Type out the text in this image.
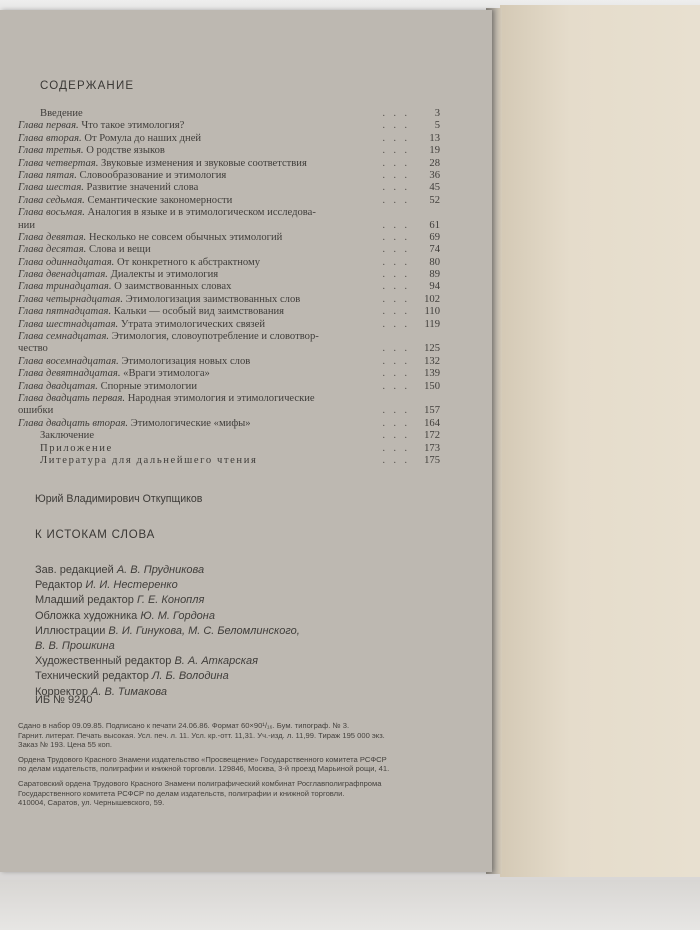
СОДЕРЖАНИЕ
Введение	. . .	3
Глава первая. Что такое этимология?	. . .	5
Глава вторая. От Ромула до наших дней	. . .	13
Глава третья. О родстве языков	. . .	19
Глава четвертая. Звуковые изменения и звуковые соответствия	. . .	28
Глава пятая. Словообразование и этимология	. . .	36
Глава шестая. Развитие значений слова	. . .	45
Глава седьмая. Семантические закономерности	. . .	52
Глава восьмая. Аналогия в языке и в этимологическом исследова-
нии	. . .	61
Глава девятая. Несколько не совсем обычных этимологий	. . .	69
Глава десятая. Слова и вещи	. . .	74
Глава одиннадцатая. От конкретного к абстрактному	. . .	80
Глава двенадцатая. Диалекты и этимология	. . .	89
Глава тринадцатая. О заимствованных словах	. . .	94
Глава четырнадцатая. Этимологизация заимствованных слов	. . .	102
Глава пятнадцатая. Кальки — особый вид заимствования	. . .	110
Глава шестнадцатая. Утрата этимологических связей	. . .	119
Глава семнадцатая. Этимология, словоупотребление и словотвор-
чество	. . .	125
Глава восемнадцатая. Этимологизация новых слов	. . .	132
Глава девятнадцатая. «Враги этимолога»	. . .	139
Глава двадцатая. Спорные этимологии	. . .	150
Глава двадцать первая. Народная этимология и этимологические
ошибки	. . .	157
Глава двадцать вторая. Этимологические «мифы»	. . .	164
Заключение	. . .	172
Приложение	. . .	173
Литература для дальнейшего чтения	. . .	175
Юрий Владимирович Откупщиков
К ИСТОКАМ СЛОВА
Зав. редакцией А. В. Прудникова
Редактор И. И. Нестеренко
Младший редактор Г. Е. Конопля
Обложка художника Ю. М. Гордона
Иллюстрации В. И. Гинукова, М. С. Беломлинского,
В. В. Прошкина
Художественный редактор В. А. Аткарская
Технический редактор Л. Б. Володина
Корректор А. В. Тимакова
ИБ № 9240

Сдано в набор 09.09.85. Подписано к печати 24.06.86. Формат 60×90¹/₁₆. Бум. типограф. № 3.
Гарнит. литерат. Печать высокая. Усл. печ. л. 11. Усл. кр.-отт. 11,31. Уч.-изд. л. 11,99. Тираж 195 000 экз.
Заказ № 193. Цена 55 коп.

Ордена Трудового Красного Знамени издательство «Просвещение» Государственного комитета РСФСР
по делам издательств, полиграфии и книжной торговли. 129846, Москва, 3-й проезд Марьиной рощи, 41.

Саратовский ордена Трудового Красного Знамени полиграфический комбинат Росглавполиграфпрома
Государственного комитета РСФСР по делам издательств, полиграфии и книжной торговли.
410004, Саратов, ул. Чернышевского, 59.
